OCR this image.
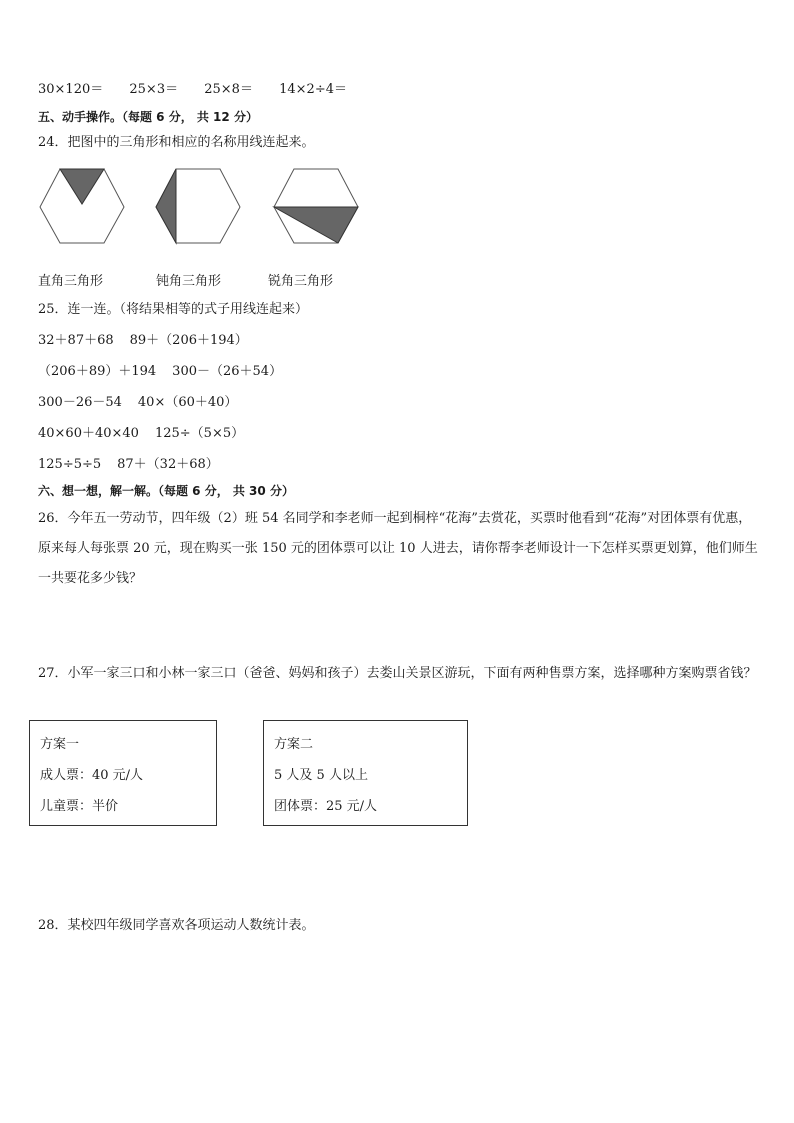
30×120＝ 25×3＝ 25×8＝ 14×2÷4＝
五、动手操作。（每题 6 分， 共 12 分）
24．把图中的三角形和相应的名称用线连起来。
直角三角形	钝角三角形	锐角三角形
25．连一连。（将结果相等的式子用线连起来）
32＋87＋68 89＋（206＋194）
（206＋89）＋194 300－（26＋54）
300－26－54 40×（60＋40）
40×60＋40×40 125÷（5×5）
125÷5÷5 87＋（32＋68）
六、想一想，解一解。（每题 6 分， 共 30 分）
26．今年五一劳动节，四年级（2）班 54 名同学和李老师一起到桐梓“花海”去赏花，买票时他看到“花海”对团体票有优惠，原来每人每张票 20 元，现在购买一张 150 元的团体票可以让 10 人进去，请你帮李老师设计一下怎样买票更划算，他们师生一共要花多少钱？
27．小军一家三口和小林一家三口（爸爸、妈妈和孩子）去娄山关景区游玩，下面有两种售票方案，选择哪种方案购票省钱？
方案一
成人票：40 元/人
儿童票：半价
方案二
5 人及 5 人以上
团体票：25 元/人
28．某校四年级同学喜欢各项运动人数统计表。
